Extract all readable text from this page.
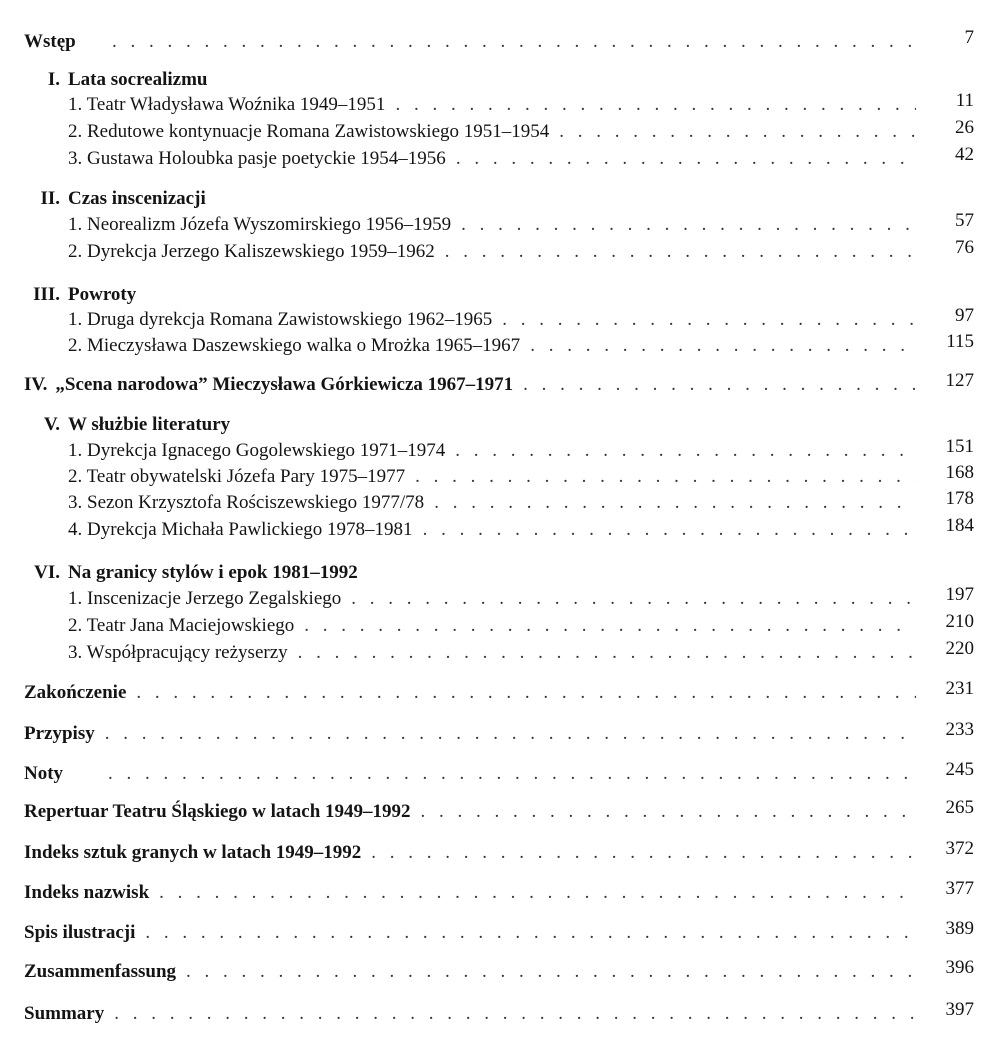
Wstęp . . .	7
I. Lata socrealizmu
1. Teatr Władysława Woźnika 1949–1951 . . .	11
2. Redutowe kontynuacje Romana Zawistowskiego 1951–1954 . . .	26
3. Gustawa Holoubka pasje poetyckie 1954–1956 . . .	42
II. Czas inscenizacji
1. Neorealizm Józefa Wyszomirskiego 1956–1959 . . .	57
2. Dyrekcja Jerzego Kaliszewskiego 1959–1962 . . .	76
III. Powroty
1. Druga dyrekcja Romana Zawistowskiego 1962–1965 . . .	97
2. Mieczysława Daszewskiego walka o Mrożka 1965–1967 . . .	115
IV. „Scena narodowa” Mieczysława Górkiewicza 1967–1971 . . .	127
V. W służbie literatury
1. Dyrekcja Ignacego Gogolewskiego 1971–1974 . . .	151
2. Teatr obywatelski Józefa Pary 1975–1977 . . .	168
3. Sezon Krzysztofa Rościszewskiego 1977/78 . . .	178
4. Dyrekcja Michała Pawlickiego 1978–1981 . . .	184
VI. Na granicy stylów i epok 1981–1992
1. Inscenizacje Jerzego Zegalskiego . . .	197
2. Teatr Jana Maciejowskiego . . .	210
3. Współpracujący reżyserzy . . .	220
Zakończenie . . .	231
Przypisy . . .	233
Noty . . .	245
Repertuar Teatru Śląskiego w latach 1949–1992 . . .	265
Indeks sztuk granych w latach 1949–1992 . . .	372
Indeks nazwisk . . .	377
Spis ilustracji . . .	389
Zusammenfassung . . .	396
Summary . . .	397
